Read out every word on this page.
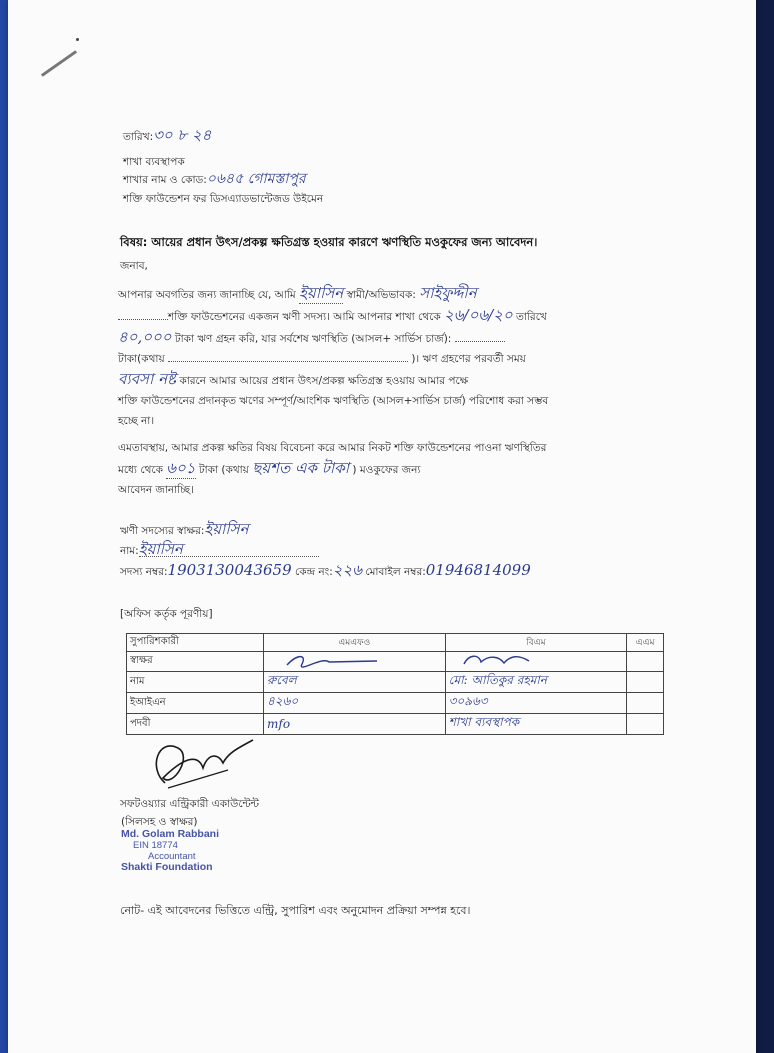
তারিখ:৩০ ৮ ২৪
শাখা ব্যবস্থাপক
শাখার নাম ও কোড:০৬৪৫ গোমস্তাপুর
শক্তি ফাউন্ডেশন ফর ডিসএ্যাডভান্টেজড উইমেন
বিষয়: আয়ের প্রধান উৎস/প্রকল্প ক্ষতিগ্রস্ত হওয়ার কারণে ঋণস্থিতি মওকুফের জন্য আবেদন।
জনাব,
আপনার অবগতির জন্য জানাচ্ছি যে, আমি ইয়াসিন স্বামী/অভিভাবক: সাইফুদ্দীন
শক্তি ফাউন্ডেশনের একজন ঋণী সদস্য। আমি আপনার শাখা থেকে ২৬/০৬/২০ তারিখে
৪০,০০০ টাকা ঋণ গ্রহন করি, যার সর্বশেষ ঋণস্থিতি (আসল+ সার্ভিস চার্জ):
টাকা(কথায়	)। ঋণ গ্রহণের পরবর্তী সময়
ব্যবসা নষ্ট কারনে আমার আয়ের প্রধান উৎস/প্রকল্প ক্ষতিগ্রস্ত হওয়ায় আমার পক্ষে
শক্তি ফাউন্ডেশনের প্রদানকৃত ঋণের সম্পূর্ণ/আংশিক ঋণস্থিতি (আসল+সার্ভিস চার্জ) পরিশোধ করা সম্ভব
হচ্ছে না।
এমতাবস্থায়, আমার প্রকল্প ক্ষতির বিষয় বিবেচনা করে আমার নিকট শক্তি ফাউন্ডেশনের পাওনা ঋণস্থিতির
মধ্যে থেকে ৬০১ টাকা (কথায় ছয়শত এক টাকা ) মওকুফের জন্য
আবেদন জানাচ্ছি।
ঋণী সদস্যের স্বাক্ষর:ইয়াসিন
নাম:ইয়াসিন
সদস্য নম্বর:1903130043659 কেন্দ্র নং:২২৬ মোবাইল নম্বর:01946814099
[অফিস কর্তৃক পূরণীয়]
সুপারিশকারী	এমএফও	বিএম	এএম
স্বাক্ষর			
নাম	রুবেল	মো: আতিকুর রহমান	
ইআইএন	৪২৬০	৩০৯৬৩	
পদবী	mfo	শাখা ব্যবস্থাপক	
সফটওয়্যার এন্ট্রিকারী একাউন্টেন্ট
(সিলসহ ও স্বাক্ষর)
Md. Golam Rabbani
EIN 18774
Accountant
Shakti Foundation
নোট- এই আবেদনের ভিত্তিতে এন্ট্রি, সুপারিশ এবং অনুমোদন প্রক্রিয়া সম্পন্ন হবে।
